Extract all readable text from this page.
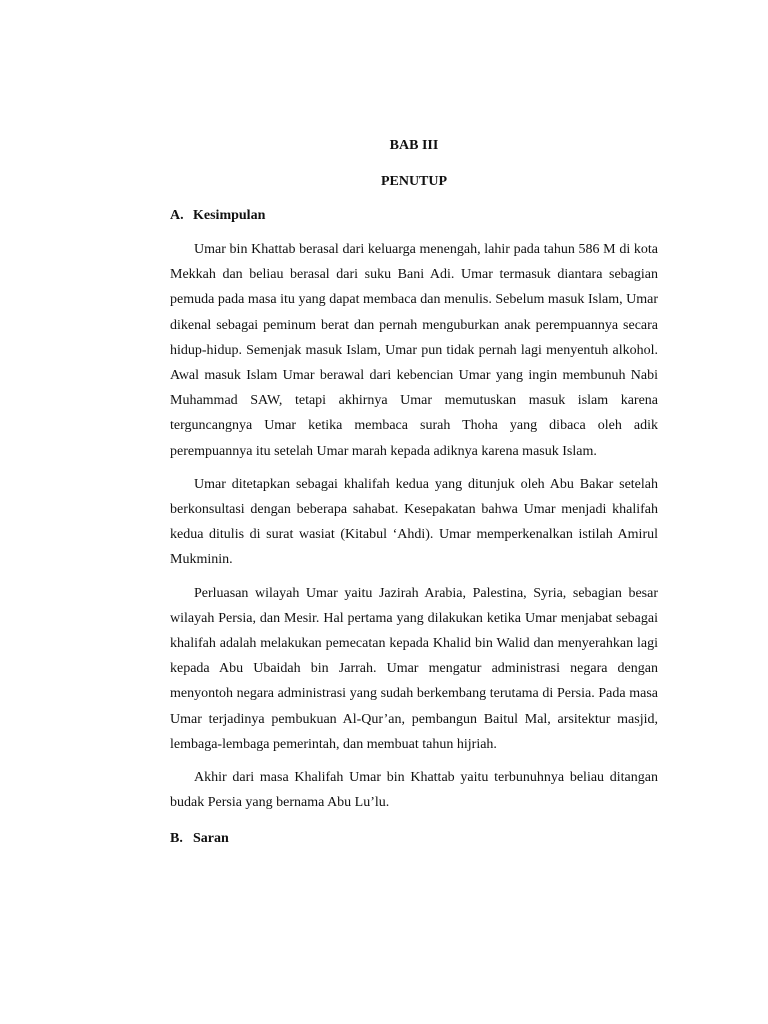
BAB III

PENUTUP

A. Kesimpulan

Umar bin Khattab berasal dari keluarga menengah, lahir pada tahun 586 M di kota Mekkah dan beliau berasal dari suku Bani Adi. Umar termasuk diantara sebagian pemuda pada masa itu yang dapat membaca dan menulis. Sebelum masuk Islam, Umar dikenal sebagai peminum berat dan pernah menguburkan anak perempuannya secara hidup-hidup. Semenjak masuk Islam, Umar pun tidak pernah lagi menyentuh alkohol. Awal masuk Islam Umar berawal dari kebencian Umar yang ingin membunuh Nabi Muhammad SAW, tetapi akhirnya Umar memutuskan masuk islam karena terguncangnya Umar ketika membaca surah Thoha yang dibaca oleh adik perempuannya itu setelah Umar marah kepada adiknya karena masuk Islam.

Umar ditetapkan sebagai khalifah kedua yang ditunjuk oleh Abu Bakar setelah berkonsultasi dengan beberapa sahabat. Kesepakatan bahwa Umar menjadi khalifah kedua ditulis di surat wasiat (Kitabul ‘Ahdi). Umar memperkenalkan istilah Amirul Mukminin.

Perluasan wilayah Umar yaitu Jazirah Arabia, Palestina, Syria, sebagian besar wilayah Persia, dan Mesir. Hal pertama yang dilakukan ketika Umar menjabat sebagai khalifah adalah melakukan pemecatan kepada Khalid bin Walid dan menyerahkan lagi kepada Abu Ubaidah bin Jarrah. Umar mengatur administrasi negara dengan menyontoh negara administrasi yang sudah berkembang terutama di Persia. Pada masa Umar terjadinya pembukuan Al-Qur’an, pembangun Baitul Mal, arsitektur masjid, lembaga-lembaga pemerintah, dan membuat tahun hijriah.

Akhir dari masa Khalifah Umar bin Khattab yaitu terbunuhnya beliau ditangan budak Persia yang bernama Abu Lu’lu.

B. Saran
